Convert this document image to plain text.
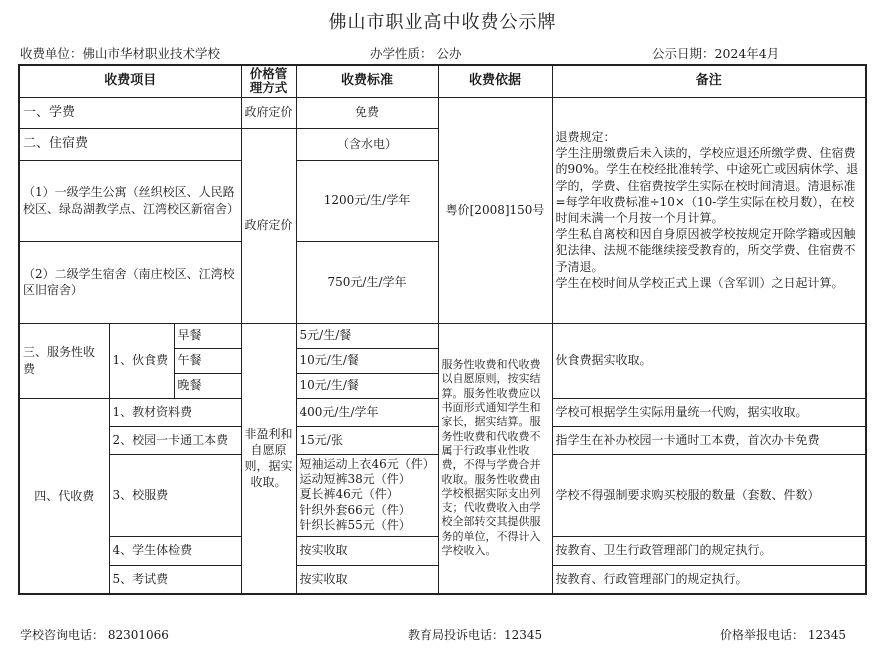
佛山市职业高中收费公示牌
收费单位：佛山市华材职业技术学校	办学性质： 公办	公示日期：2024年4月
收费项目			价格管理方式	收费标准	收费依据	备注
一、学费			政府定价	免费	粤价[2008]150号	退费规定：
学生注册缴费后未入读的，学校应退还所缴学费、住宿费的90%。学生在校经批准转学、中途死亡或因病休学、退学的，学费、住宿费按学生实际在校时间清退。清退标准=每学年收费标准÷10×（10-学生实际在校月数），在校时间未满一个月按一个月计算。
学生私自离校和因自身原因被学校按规定开除学籍或因触犯法律、法规不能继续接受教育的，所交学费、住宿费不予清退。
学生在校时间从学校正式上课（含军训）之日起计算。
二、住宿费			政府定价	（含水电）		
（1）一级学生公寓（丝织校区、人民路校区、绿岛湖教学点、江湾校区新宿舍）				1200元/生/学年		
（2）二级学生宿舍（南庄校区、江湾校区旧宿舍）				750元/生/学年		
三、服务性收费	1、伙食费	早餐	非盈利和自愿原则，据实收取。	5元/生/餐	服务性收费和代收费以自愿原则，按实结算。服务性收费应以书面形式通知学生和家长，据实结算。服务性收费和代收费不属于行政事业性收费，不得与学费合并收取。服务性收费由学校根据实际支出列支；代收费收入由学校全部转交其提供服务的单位，不得计入学校收入。	伙食费据实收取。
		午餐		10元/生/餐		
		晚餐		10元/生/餐		
四、代收费	1、教材资料费			400元/生/学年		学校可根据学生实际用量统一代购，据实收取。
	2、校园一卡通工本费			15元/张		指学生在补办校园一卡通时工本费，首次办卡免费
	3、校服费			短袖运动上衣46元（件）
运动短裤38元（件）
夏长裤46元（件）
针织外套66元（件）
针织长裤55元（件）		学校不得强制要求购买校服的数量（套数、件数）
	4、学生体检费			按实收取		按教育、卫生行政管理部门的规定执行。
	5、考试费			按实收取		按教育、行政管理部门的规定执行。
学校咨询电话： 82301066	教育局投诉电话：12345	价格举报电话： 12345
